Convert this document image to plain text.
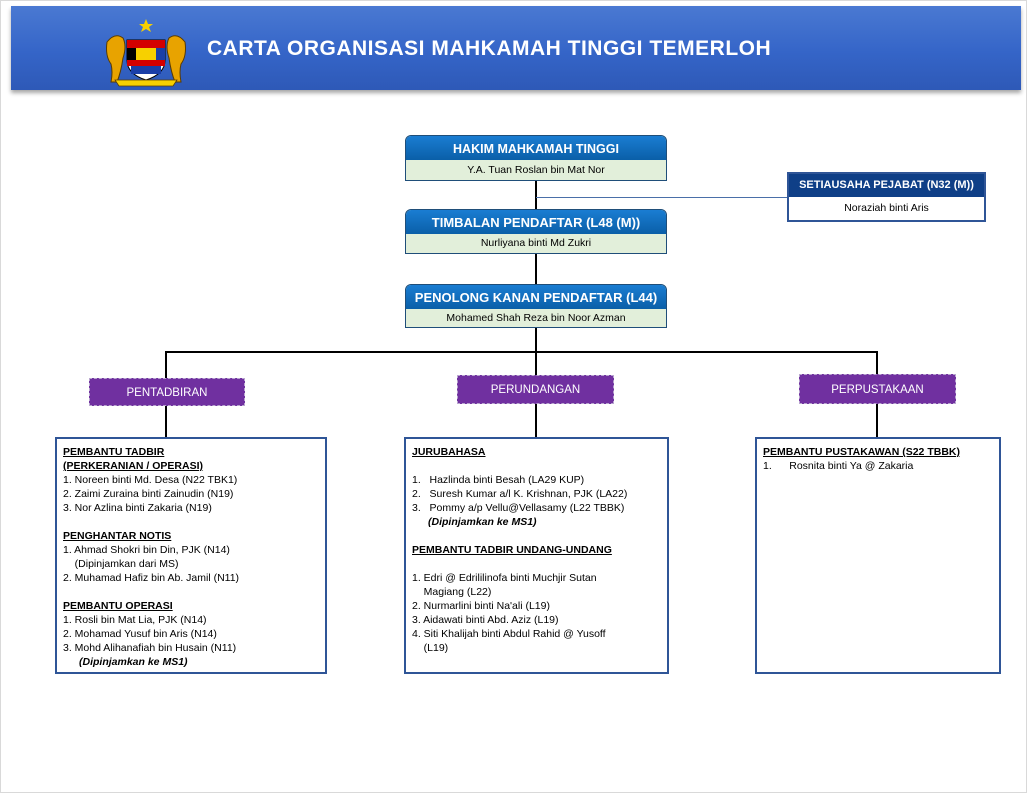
CARTA ORGANISASI MAHKAMAH TINGGI TEMERLOH
HAKIM MAHKAMAH TINGGI
Y.A. Tuan Roslan bin Mat Nor
SETIAUSAHA PEJABAT (N32 (M))
Noraziah binti Aris
TIMBALAN PENDAFTAR (L48 (M))
Nurliyana binti Md Zukri
PENOLONG KANAN PENDAFTAR (L44)
Mohamed Shah Reza bin Noor Azman
PENTADBIRAN	PERUNDANGAN	PERPUSTAKAAN
PEMBANTU TADBIR
(PERKERANIAN / OPERASI)
1. Noreen binti Md. Desa (N22 TBK1)
2. Zaimi Zuraina binti Zainudin (N19)
3. Nor Azlina binti Zakaria (N19)
PENGHANTAR NOTIS
1. Ahmad Shokri bin Din, PJK (N14)
(Dipinjamkan dari MS)
2. Muhamad Hafiz bin Ab. Jamil (N11)
PEMBANTU OPERASI
1. Rosli bin Mat Lia, PJK (N14)
2. Mohamad Yusuf bin Aris (N14)
3. Mohd Alihanafiah bin Husain (N11)
(Dipinjamkan ke MS1)
JURUBAHASA
1.   Hazlinda binti Besah (LA29 KUP)
2.   Suresh Kumar a/l K. Krishnan, PJK (LA22)
3.   Pommy a/p Vellu@Vellasamy (L22 TBBK)
(Dipinjamkan ke MS1)
PEMBANTU TADBIR UNDANG-UNDANG
1. Edri @ Edrililinofa binti Muchjir Sutan
Magiang (L22)
2. Nurmarlini binti Na'ali (L19)
3. Aidawati binti Abd. Aziz (L19)
4. Siti Khalijah binti Abdul Rahid @ Yusoff
(L19)
PEMBANTU PUSTAKAWAN (S22 TBBK)
1.      Rosnita binti Ya @ Zakaria
